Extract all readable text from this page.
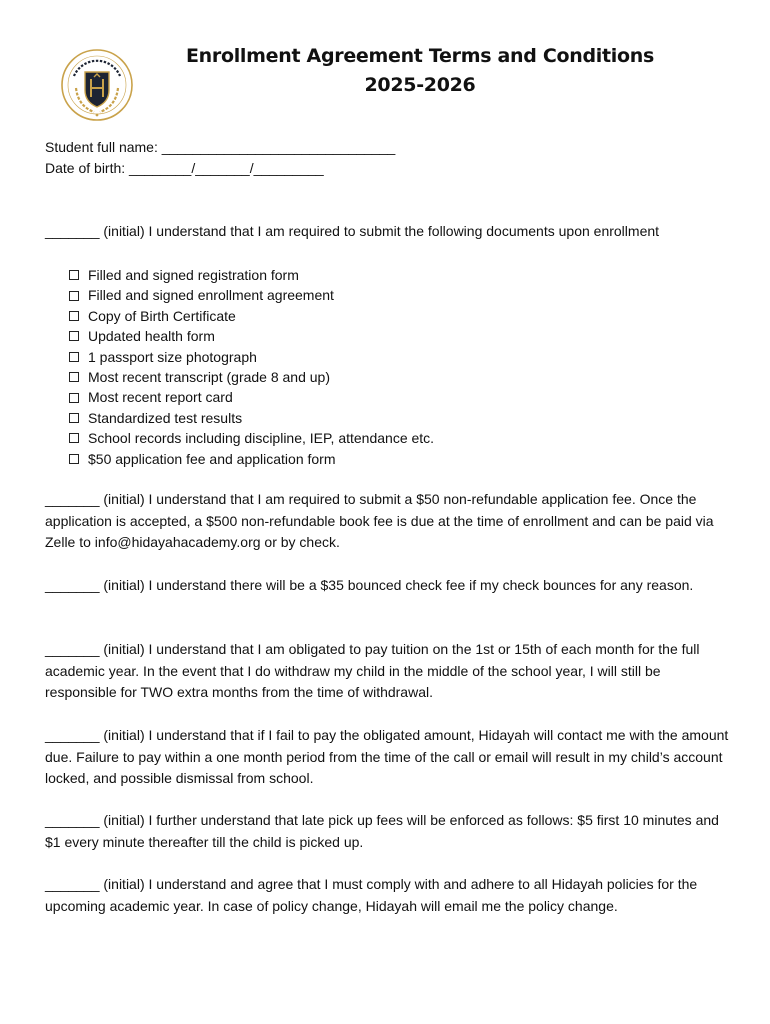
Enrollment Agreement Terms and Conditions
2025-2026
Student full name: ______________________________
Date of birth: ________/_______/_________
_______ (initial) I understand that I am required to submit the following documents upon enrollment
Filled and signed registration form
Filled and signed enrollment agreement
Copy of Birth Certificate
Updated health form
1 passport size photograph
Most recent transcript (grade 8 and up)
Most recent report card
Standardized test results
School records including discipline, IEP, attendance etc.
$50 application fee and application form
_______ (initial) I understand that I am required to submit a $50 non-refundable application fee. Once the application is accepted, a $500 non-refundable book fee is due at the time of enrollment and can be paid via Zelle to info@hidayahacademy.org or by check.
_______ (initial) I understand there will be a $35 bounced check fee if my check bounces for any reason.
_______ (initial) I understand that I am obligated to pay tuition on the 1st or 15th of each month for the full academic year. In the event that I do withdraw my child in the middle of the school year, I will still be responsible for TWO extra months from the time of withdrawal.
_______ (initial) I understand that if I fail to pay the obligated amount, Hidayah will contact me with the amount due. Failure to pay within a one month period from the time of the call or email will result in my child’s account locked, and possible dismissal from school.
_______ (initial) I further understand that late pick up fees will be enforced as follows: $5 first 10 minutes and $1 every minute thereafter till the child is picked up.
_______ (initial) I understand and agree that I must comply with and adhere to all Hidayah policies for the upcoming academic year. In case of policy change, Hidayah will email me the policy change.
